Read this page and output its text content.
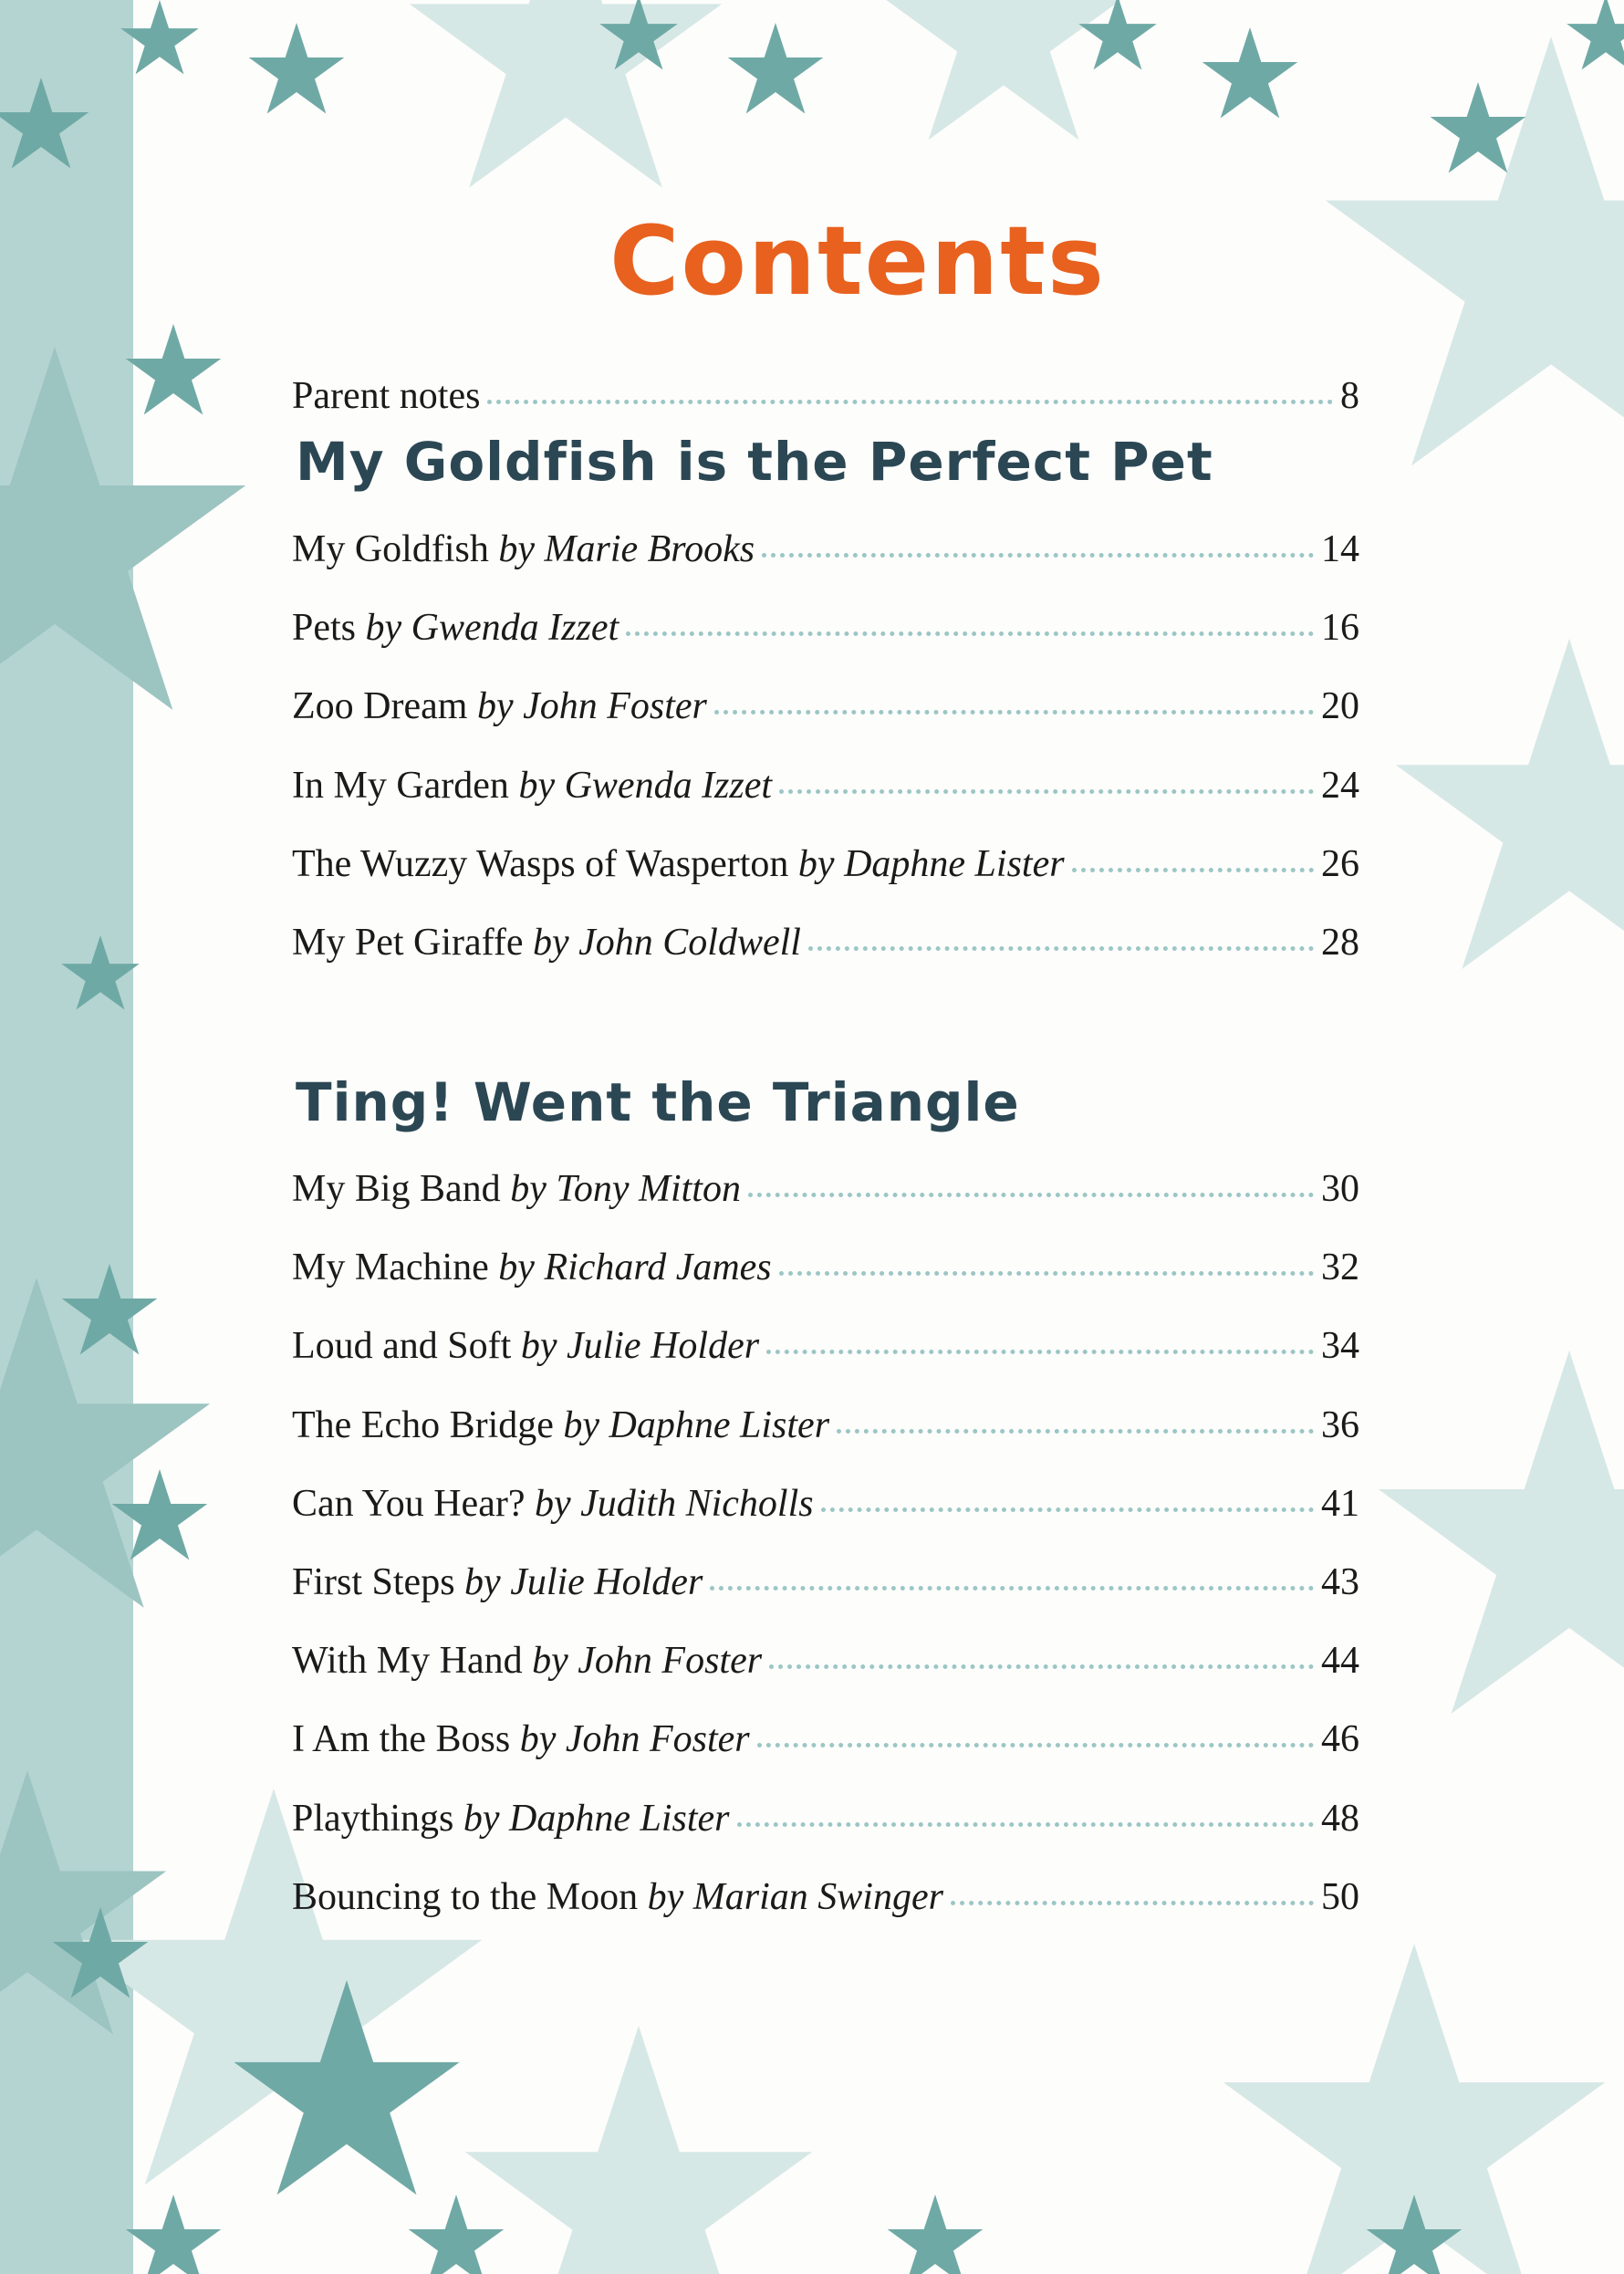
Contents
Parent notes	8
My Goldfish is the Perfect Pet
My Goldfish by Marie Brooks	14
Pets by Gwenda Izzet	16
Zoo Dream by John Foster	20
In My Garden by Gwenda Izzet	24
The Wuzzy Wasps of Wasperton by Daphne Lister	26
My Pet Giraffe by John Coldwell	28
Ting! Went the Triangle
My Big Band by Tony Mitton	30
My Machine by Richard James	32
Loud and Soft by Julie Holder	34
The Echo Bridge by Daphne Lister	36
Can You Hear? by Judith Nicholls	41
First Steps by Julie Holder	43
With My Hand by John Foster	44
I Am the Boss by John Foster	46
Playthings by Daphne Lister	48
Bouncing to the Moon by Marian Swinger	50
